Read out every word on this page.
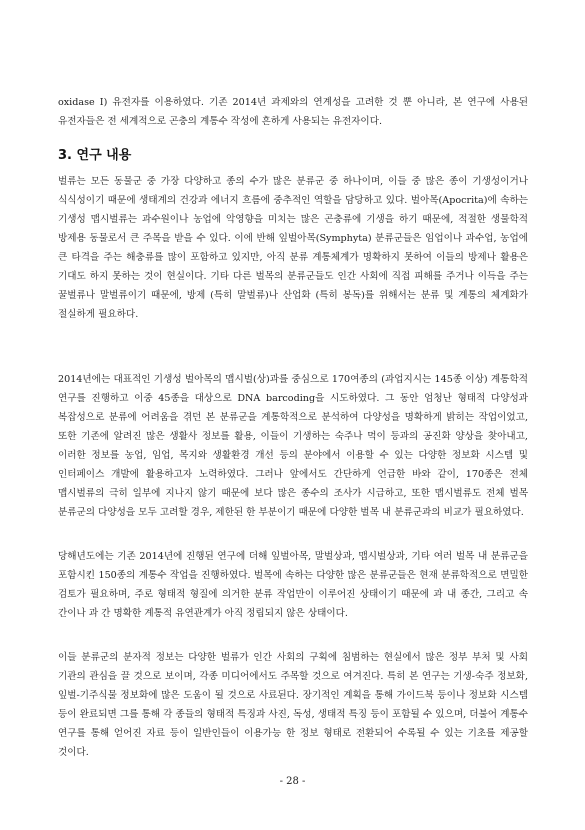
oxidase I) 유전자를 이용하였다. 기존 2014년 과제와의 연계성을 고려한 것 뿐 아니라, 본 연구에 사용된 유전자들은 전 세계적으로 곤충의 계통수 작성에 흔하게 사용되는 유전자이다.

3. 연구 내용

벌류는 모든 동물군 중 가장 다양하고 종의 수가 많은 분류군 중 하나이며, 이들 중 많은 종이 기생성이거나 식식성이기 때문에 생태계의 건강과 에너지 흐름에 중추적인 역할을 담당하고 있다. 벌아목(Apocrita)에 속하는 기생성 맵시벌류는 과수원이나 농업에 악영향을 미치는 많은 곤충류에 기생을 하기 때문에, 적절한 생물학적 방제용 동물로서 큰 주목을 받을 수 있다. 이에 반해 잎벌아목(Symphyta) 분류군들은 임업이나 과수업, 농업에 큰 타격을 주는 해충류를 많이 포함하고 있지만, 아직 분류 계통체계가 명확하지 못하여 이들의 방제나 활용은 기대도 하지 못하는 것이 현실이다. 기타 다른 벌목의 분류군들도 인간 사회에 직접 피해를 주거나 이득을 주는 꿀벌류나 말벌류이기 때문에, 방제 (특히 말벌류)나 산업화 (특히 봉독)를 위해서는 분류 및 계통의 체계화가 절실하게 필요하다.

2014년에는 대표적인 기생성 벌아목의 맵시벌(상)과를 중심으로 170여종의 (과업지시는 145종 이상) 계통학적 연구를 진행하고 이중 45종을 대상으로 DNA barcoding을 시도하였다. 그 동안 엄청난 형태적 다양성과 복잡성으로 분류에 어려움을 겪던 본 분류군을 계통학적으로 분석하여 다양성을 명확하게 밝히는 작업이었고, 또한 기존에 알려진 많은 생활사 정보를 활용, 이들이 기생하는 숙주나 먹이 등과의 공진화 양상을 찾아내고, 이러한 정보를 농업, 임업, 목지와 생활환경 개선 등의 분야에서 이용할 수 있는 다양한 정보화 시스템 및 인터페이스 개발에 활용하고자 노력하였다. 그러나 앞에서도 간단하게 언급한 바와 같이, 170종은 전체 맵시벌류의 극히 일부에 지나지 않기 때문에 보다 많은 종수의 조사가 시급하고, 또한 맵시벌류도 전체 벌목 분류군의 다양성을 모두 고려할 경우, 제한된 한 부분이기 때문에 다양한 벌목 내 분류군과의 비교가 필요하였다.

당해년도에는 기존 2014년에 진행된 연구에 더해 잎벌아목, 말벌상과, 맵시벌상과, 기타 여러 벌목 내 분류군을 포함시킨 150종의 계통수 작업을 진행하였다. 벌목에 속하는 다양한 많은 분류군들은 현재 분류학적으로 면밀한 검토가 필요하며, 주로 형태적 형질에 의거한 분류 작업만이 이루어진 상태이기 때문에 과 내 종간, 그리고 속 간이나 과 간 명확한 계통적 유연관계가 아직 정립되지 않은 상태이다.

이들 분류군의 분자적 정보는 다양한 벌류가 인간 사회의 구획에 침범하는 현실에서 많은 정부 부처 및 사회 기관의 관심을 끌 것으로 보이며, 각종 미디어에서도 주목할 것으로 여겨진다. 특히 본 연구는 기생-숙주 정보화, 잎벌-기주식물 정보화에 많은 도움이 될 것으로 사료된다. 장기적인 계획을 통해 가이드북 등이나 정보화 시스템 등이 완료되면 그를 통해 각 종들의 형태적 특징과 사진, 독성, 생태적 특징 등이 포함될 수 있으며, 더불어 계통수 연구를 통해 얻어진 자료 등이 일반인들이 이용가능 한 정보 형태로 전환되어 수록될 수 있는 기초를 제공할 것이다.

- 28 -
